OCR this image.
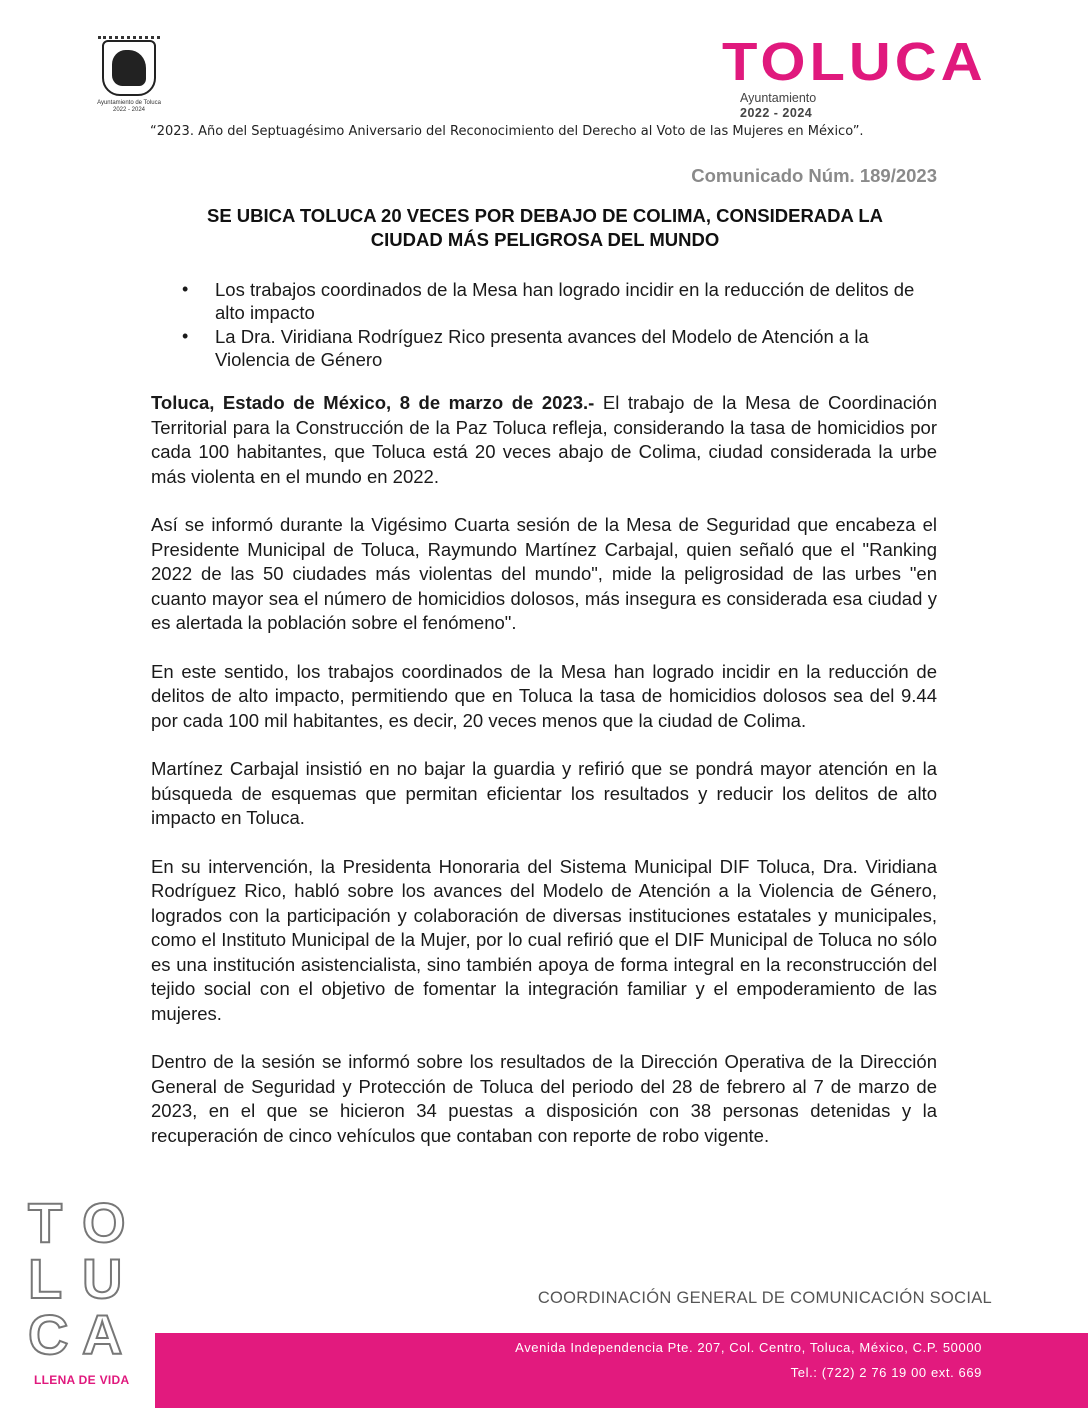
Ayuntamiento de Toluca
2022 - 2024
TOLUCA
Ayuntamiento
2022 - 2024
“2023. Año del Septuagésimo Aniversario del Reconocimiento del Derecho al Voto de las Mujeres en México”.
Comunicado Núm. 189/2023
SE UBICA TOLUCA 20 VECES POR DEBAJO DE COLIMA, CONSIDERADA LA CIUDAD MÁS PELIGROSA DEL MUNDO
• Los trabajos coordinados de la Mesa han logrado incidir en la reducción de delitos de alto impacto
• La Dra. Viridiana Rodríguez Rico presenta avances del Modelo de Atención a la Violencia de Género

Toluca, Estado de México, 8 de marzo de 2023.- El trabajo de la Mesa de Coordinación Territorial para la Construcción de la Paz Toluca refleja, considerando la tasa de homicidios por cada 100 habitantes, que Toluca está 20 veces abajo de Colima, ciudad considerada la urbe más violenta en el mundo en 2022.

Así se informó durante la Vigésimo Cuarta sesión de la Mesa de Seguridad que encabeza el Presidente Municipal de Toluca, Raymundo Martínez Carbajal, quien señaló que el "Ranking 2022 de las 50 ciudades más violentas del mundo", mide la peligrosidad de las urbes "en cuanto mayor sea el número de homicidios dolosos, más insegura es considerada esa ciudad y es alertada la población sobre el fenómeno".

En este sentido, los trabajos coordinados de la Mesa han logrado incidir en la reducción de delitos de alto impacto, permitiendo que en Toluca la tasa de homicidios dolosos sea del 9.44 por cada 100 mil habitantes, es decir, 20 veces menos que la ciudad de Colima.

Martínez Carbajal insistió en no bajar la guardia y refirió que se pondrá mayor atención en la búsqueda de esquemas que permitan eficientar los resultados y reducir los delitos de alto impacto en Toluca.

En su intervención, la Presidenta Honoraria del Sistema Municipal DIF Toluca, Dra. Viridiana Rodríguez Rico, habló sobre los avances del Modelo de Atención a la Violencia de Género, logrados con la participación y colaboración de diversas instituciones estatales y municipales, como el Instituto Municipal de la Mujer, por lo cual refirió que el DIF Municipal de Toluca no sólo es una institución asistencialista, sino también apoya de forma integral en la reconstrucción del tejido social con el objetivo de fomentar la integración familiar y el empoderamiento de las mujeres.

Dentro de la sesión se informó sobre los resultados de la Dirección Operativa de la Dirección General de Seguridad y Protección de Toluca del periodo del 28 de febrero al 7 de marzo de 2023, en el que se hicieron 34 puestas a disposición con 38 personas detenidas y la recuperación de cinco vehículos que contaban con reporte de robo vigente.

T O
L U
C A
LLENA DE VIDA
COORDINACIÓN GENERAL DE COMUNICACIÓN SOCIAL
Avenida Independencia Pte. 207, Col. Centro, Toluca, México, C.P. 50000
Tel.: (722) 2 76 19 00 ext. 669
